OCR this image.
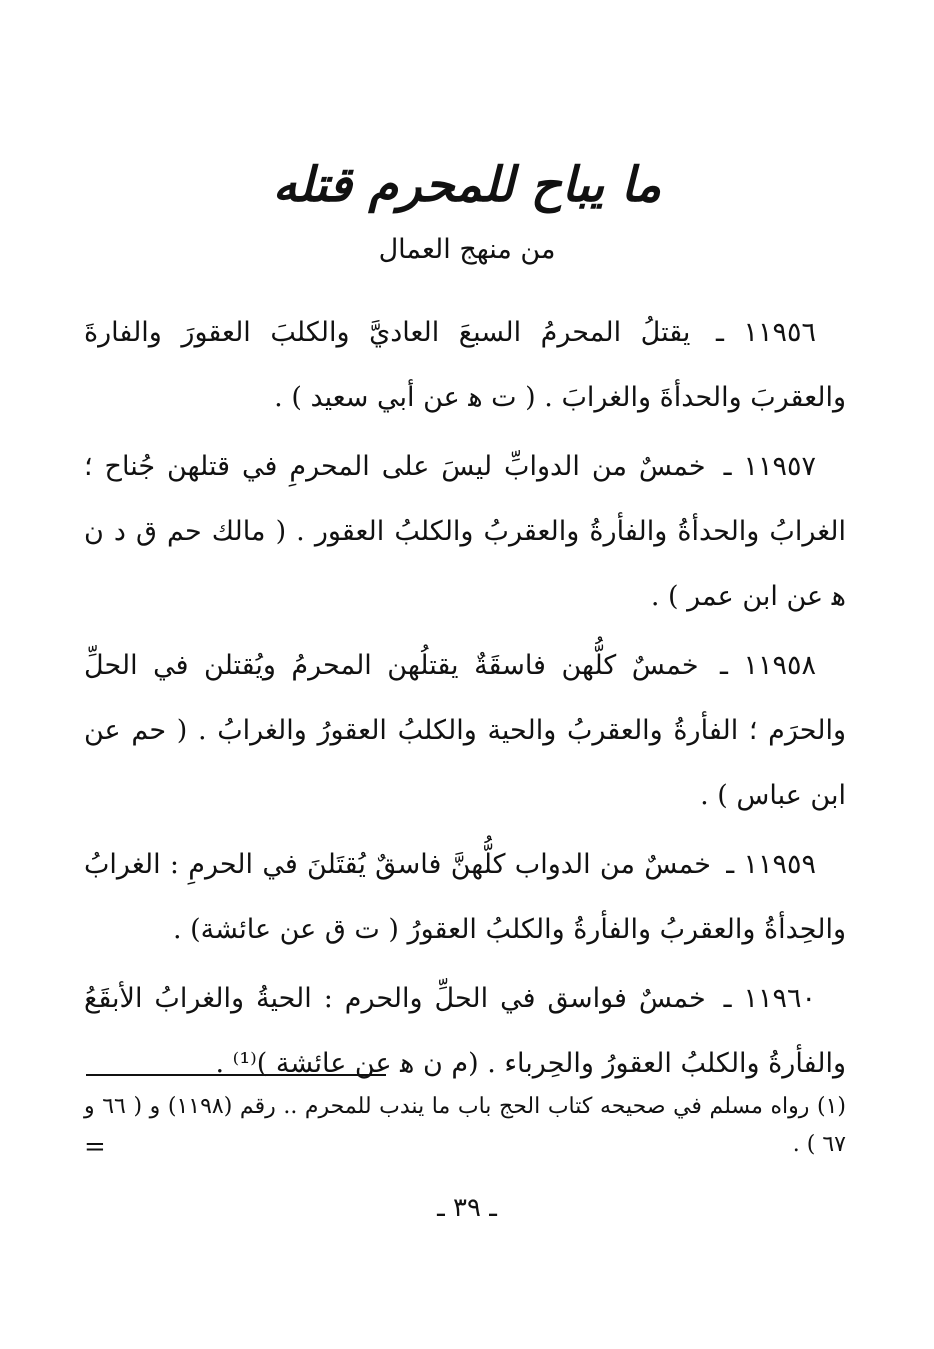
ما يباح للمحرم قتله
من منهج العمال

١١٩٥٦ ـ يقتلُ المحرمُ السبعَ العاديَّ والكلبَ العقورَ والفارةَ والعقربَ والحدأةَ والغرابَ . ( ت ﻫ عن أبي سعيد ) .

١١٩٥٧ ـ خمسٌ من الدوابِّ ليسَ على المحرمِ في قتلهن جُناح ؛ الغرابُ والحدأةُ والفأرةُ والعقربُ والكلبُ العقور . ( مالك حم ق د ن ﻫ عن ابن عمر ) .

١١٩٥٨ ـ خمسٌ كلُّهن فاسقَةٌ يقتلُهن المحرمُ ويُقتلن في الحلِّ والحرَم ؛ الفأرةُ والعقربُ والحية والكلبُ العقورُ والغرابُ . ( حم عن ابن عباس ) .

١١٩٥٩ ـ خمسٌ من الدواب كلُّهنَّ فاسقٌ يُقتَلنَ في الحرمِ : الغرابُ والحِدأةُ والعقربُ والفأرةُ والكلبُ العقورُ ( ت ق عن عائشة) .

١١٩٦٠ ـ خمسٌ فواسق في الحلِّ والحرم : الحيةُ والغرابُ الأبقَعُ والفأرةُ والكلبُ العقورُ والحِرباء . (م ن ﻫ عن عائشة )⁽¹⁾ .

(١) رواه مسلم في صحيحه كتاب الحج باب ما يندب للمحرم .. رقم (١١٩٨) و ( ٦٦ و ٦٧ ) .
=
ـ ٣٩ ـ
